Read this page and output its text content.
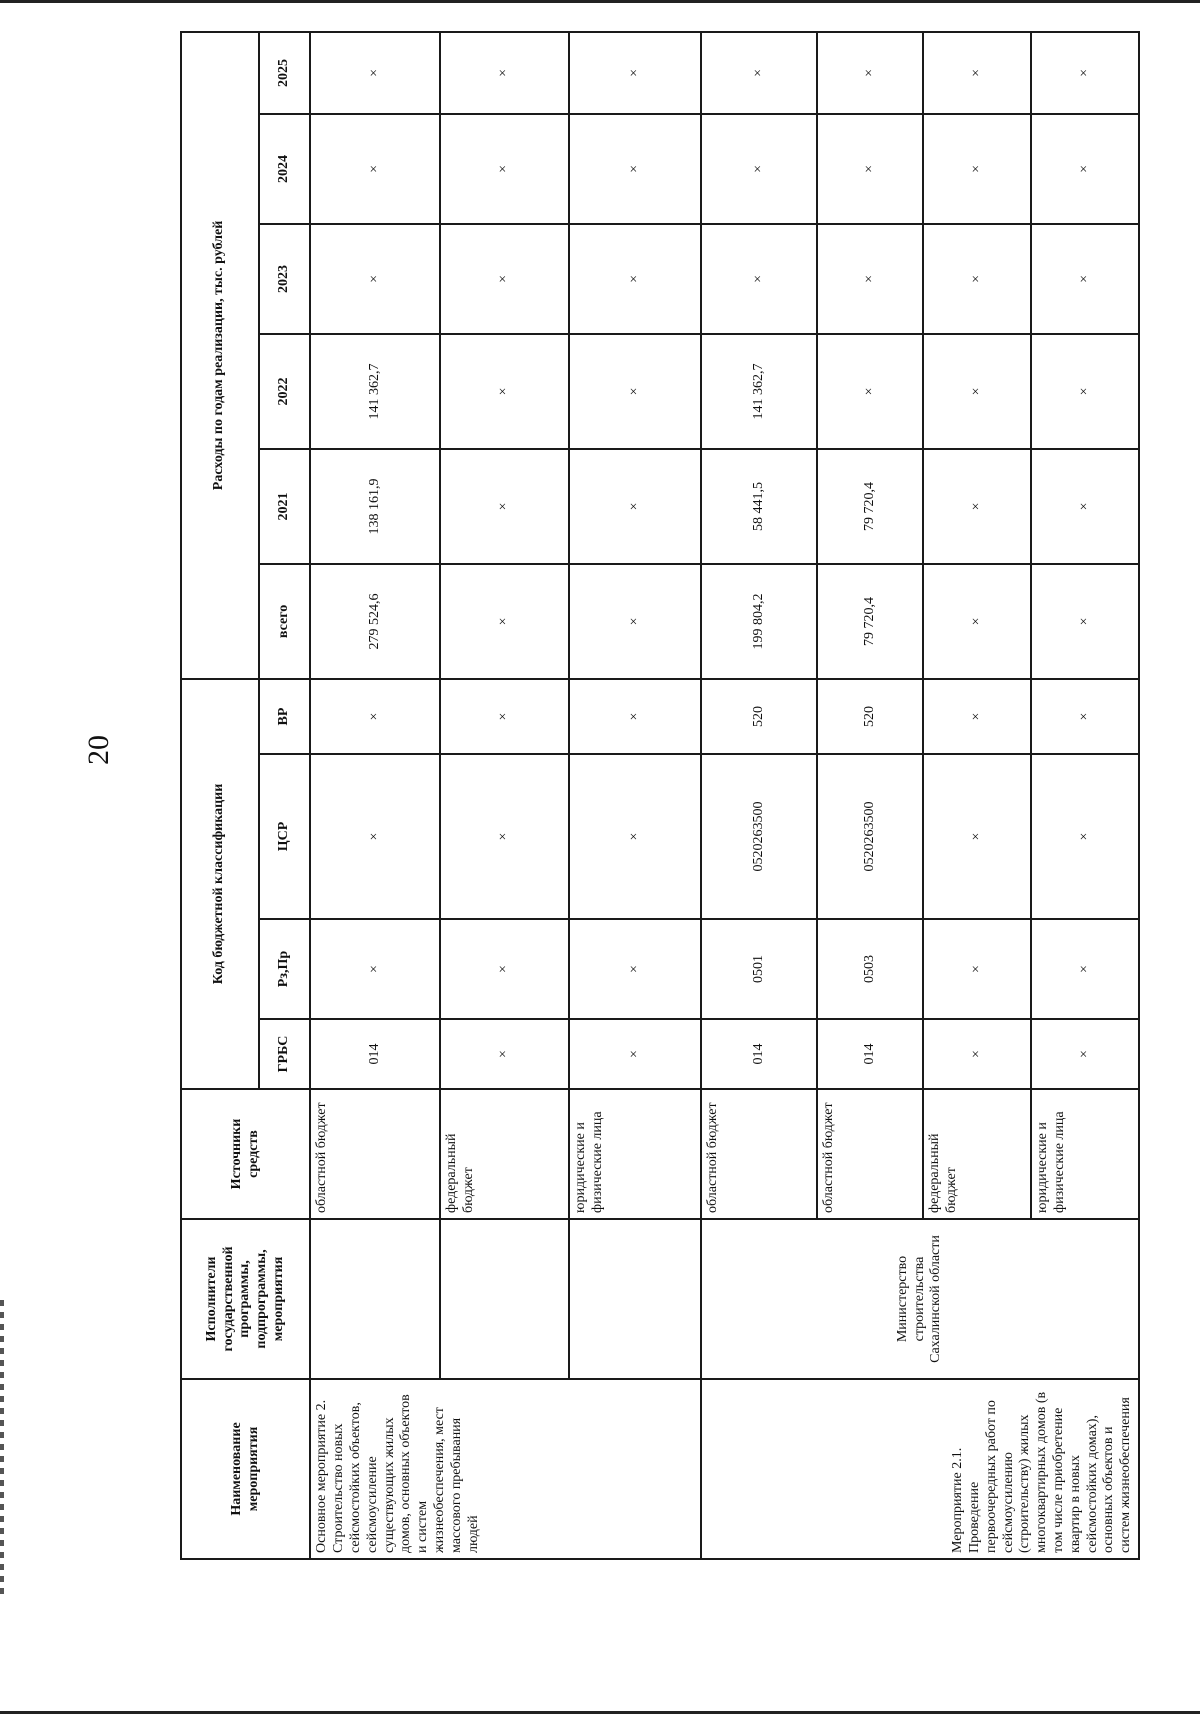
20
Наименование мероприятия	Исполнители государственной программы, подпрограммы, мероприятия	Источники средств	Код бюджетной классификации				Расходы по годам реализации, тыс. рублей					
			ГРБС	Рз,Пр	ЦСР	ВР	всего	2021	2022	2023	2024	2025
Основное мероприятие 2. Строительство новых сейсмостойких объектов, сейсмоусиление существующих жилых домов, основных объектов и систем жизнеобеспечения, мест массового пребывания людей		областной бюджет	014	×	×	×	279 524,6	138 161,9	141 362,7	×	×	×
		федеральный бюджет	×	×	×	×	×	×	×	×	×	×
		юридические и физические лица	×	×	×	×	×	×	×	×	×	×
Мероприятие 2.1. Проведение первоочередных работ по сейсмоусилению (строительству) жилых многоквартирных домов (в том числе приобретение квартир в новых сейсмостойких домах), основных объектов и систем жизнеобеспечения	Министерство строительства Сахалинской области	областной бюджет	014	0501	0520263500	520	199 804,2	58 441,5	141 362,7	×	×	×
		областной бюджет	014	0503	0520263500	520	79 720,4	79 720,4	×	×	×	×
		федеральный бюджет	×	×	×	×	×	×	×	×	×	×
		юридические и физические лица	×	×	×	×	×	×	×	×	×	×
